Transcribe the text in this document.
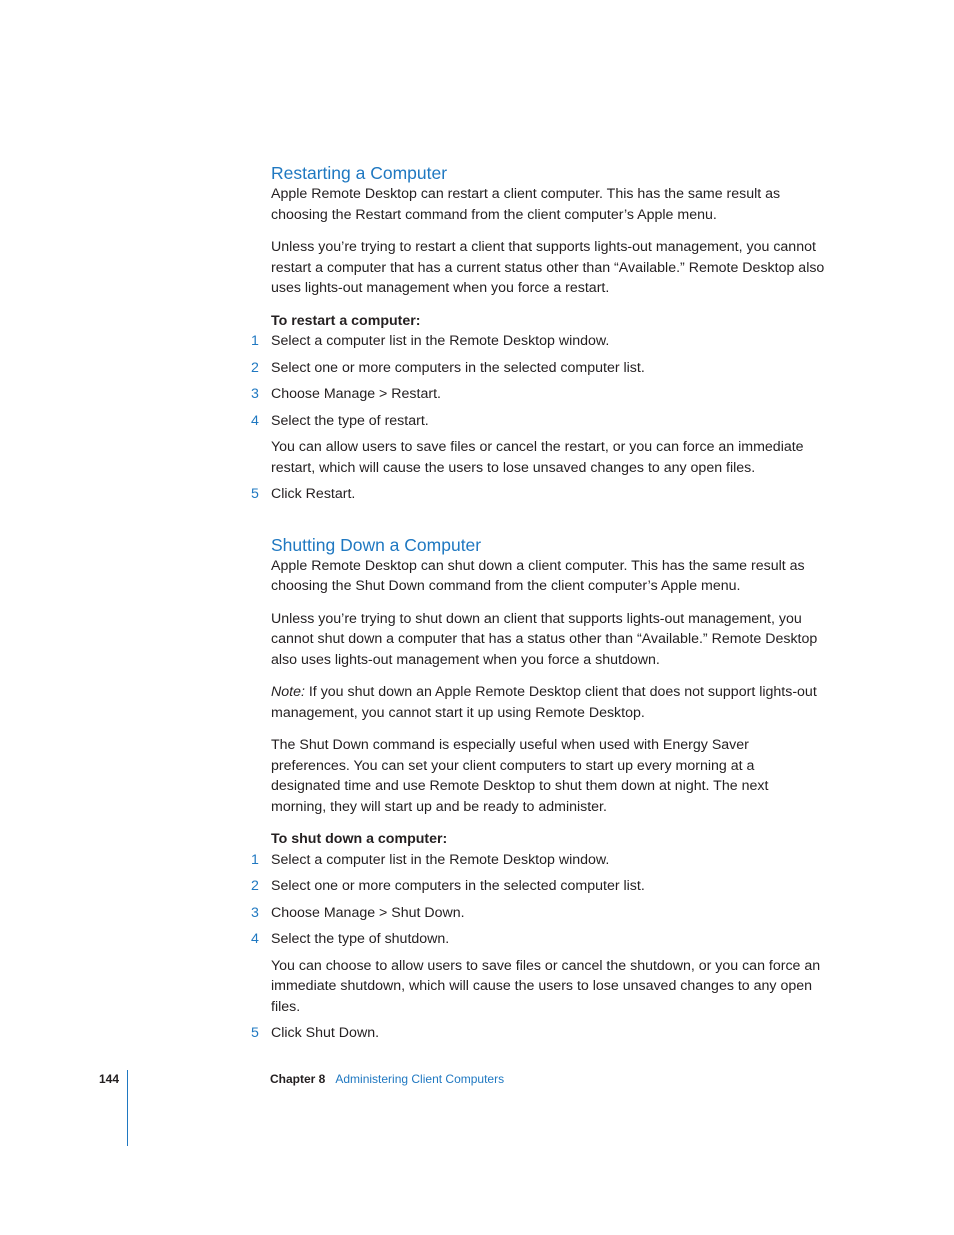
Restarting a Computer

Apple Remote Desktop can restart a client computer. This has the same result as choosing the Restart command from the client computer’s Apple menu.

Unless you’re trying to restart a client that supports lights-out management, you cannot restart a computer that has a current status other than “Available.” Remote Desktop also uses lights-out management when you force a restart.

To restart a computer:

1 Select a computer list in the Remote Desktop window.
2 Select one or more computers in the selected computer list.
3 Choose Manage > Restart.
4 Select the type of restart.

You can allow users to save files or cancel the restart, or you can force an immediate restart, which will cause the users to lose unsaved changes to any open files.

5 Click Restart.
Shutting Down a Computer

Apple Remote Desktop can shut down a client computer. This has the same result as choosing the Shut Down command from the client computer’s Apple menu.

Unless you’re trying to shut down an client that supports lights-out management, you cannot shut down a computer that has a status other than “Available.” Remote Desktop also uses lights-out management when you force a shutdown.

Note: If you shut down an Apple Remote Desktop client that does not support lights-out management, you cannot start it up using Remote Desktop.

The Shut Down command is especially useful when used with Energy Saver preferences. You can set your client computers to start up every morning at a designated time and use Remote Desktop to shut them down at night. The next morning, they will start up and be ready to administer.

To shut down a computer:

1 Select a computer list in the Remote Desktop window.
2 Select one or more computers in the selected computer list.
3 Choose Manage > Shut Down.
4 Select the type of shutdown.

You can choose to allow users to save files or cancel the shutdown, or you can force an immediate shutdown, which will cause the users to lose unsaved changes to any open files.

5 Click Shut Down.
144	Chapter 8 Administering Client Computers
